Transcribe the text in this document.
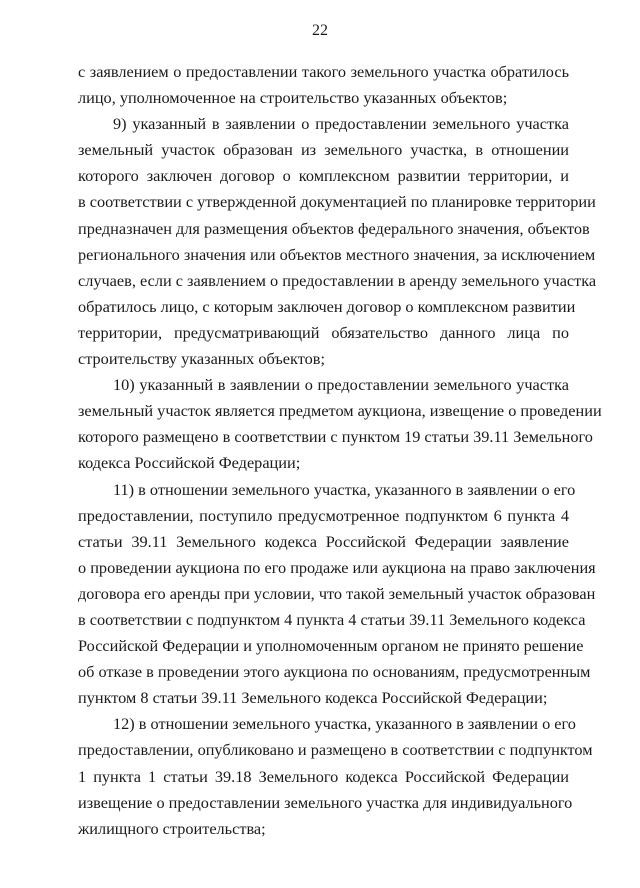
22
с заявлением о предоставлении такого земельного участка обратилось
лицо, уполномоченное на строительство указанных объектов;
9) указанный в заявлении о предоставлении земельного участка
земельный участок образован из земельного участка, в отношении
которого заключен договор о комплексном развитии территории, и
в соответствии с утвержденной документацией по планировке территории
предназначен для размещения объектов федерального значения, объектов
регионального значения или объектов местного значения, за исключением
случаев, если с заявлением о предоставлении в аренду земельного участка
обратилось лицо, с которым заключен договор о комплексном развитии
территории, предусматривающий обязательство данного лица по
строительству указанных объектов;
10) указанный в заявлении о предоставлении земельного участка
земельный участок является предметом аукциона, извещение о проведении
которого размещено в соответствии с пунктом 19 статьи 39.11 Земельного
кодекса Российской Федерации;
11) в отношении земельного участка, указанного в заявлении о его
предоставлении, поступило предусмотренное подпунктом 6 пункта 4
статьи 39.11 Земельного кодекса Российской Федерации заявление
о проведении аукциона по его продаже или аукциона на право заключения
договора его аренды при условии, что такой земельный участок образован
в соответствии с подпунктом 4 пункта 4 статьи 39.11 Земельного кодекса
Российской Федерации и уполномоченным органом не принято решение
об отказе в проведении этого аукциона по основаниям, предусмотренным
пунктом 8 статьи 39.11 Земельного кодекса Российской Федерации;
12) в отношении земельного участка, указанного в заявлении о его
предоставлении, опубликовано и размещено в соответствии с подпунктом
1 пункта 1 статьи 39.18 Земельного кодекса Российской Федерации
извещение о предоставлении земельного участка для индивидуального
жилищного строительства;
